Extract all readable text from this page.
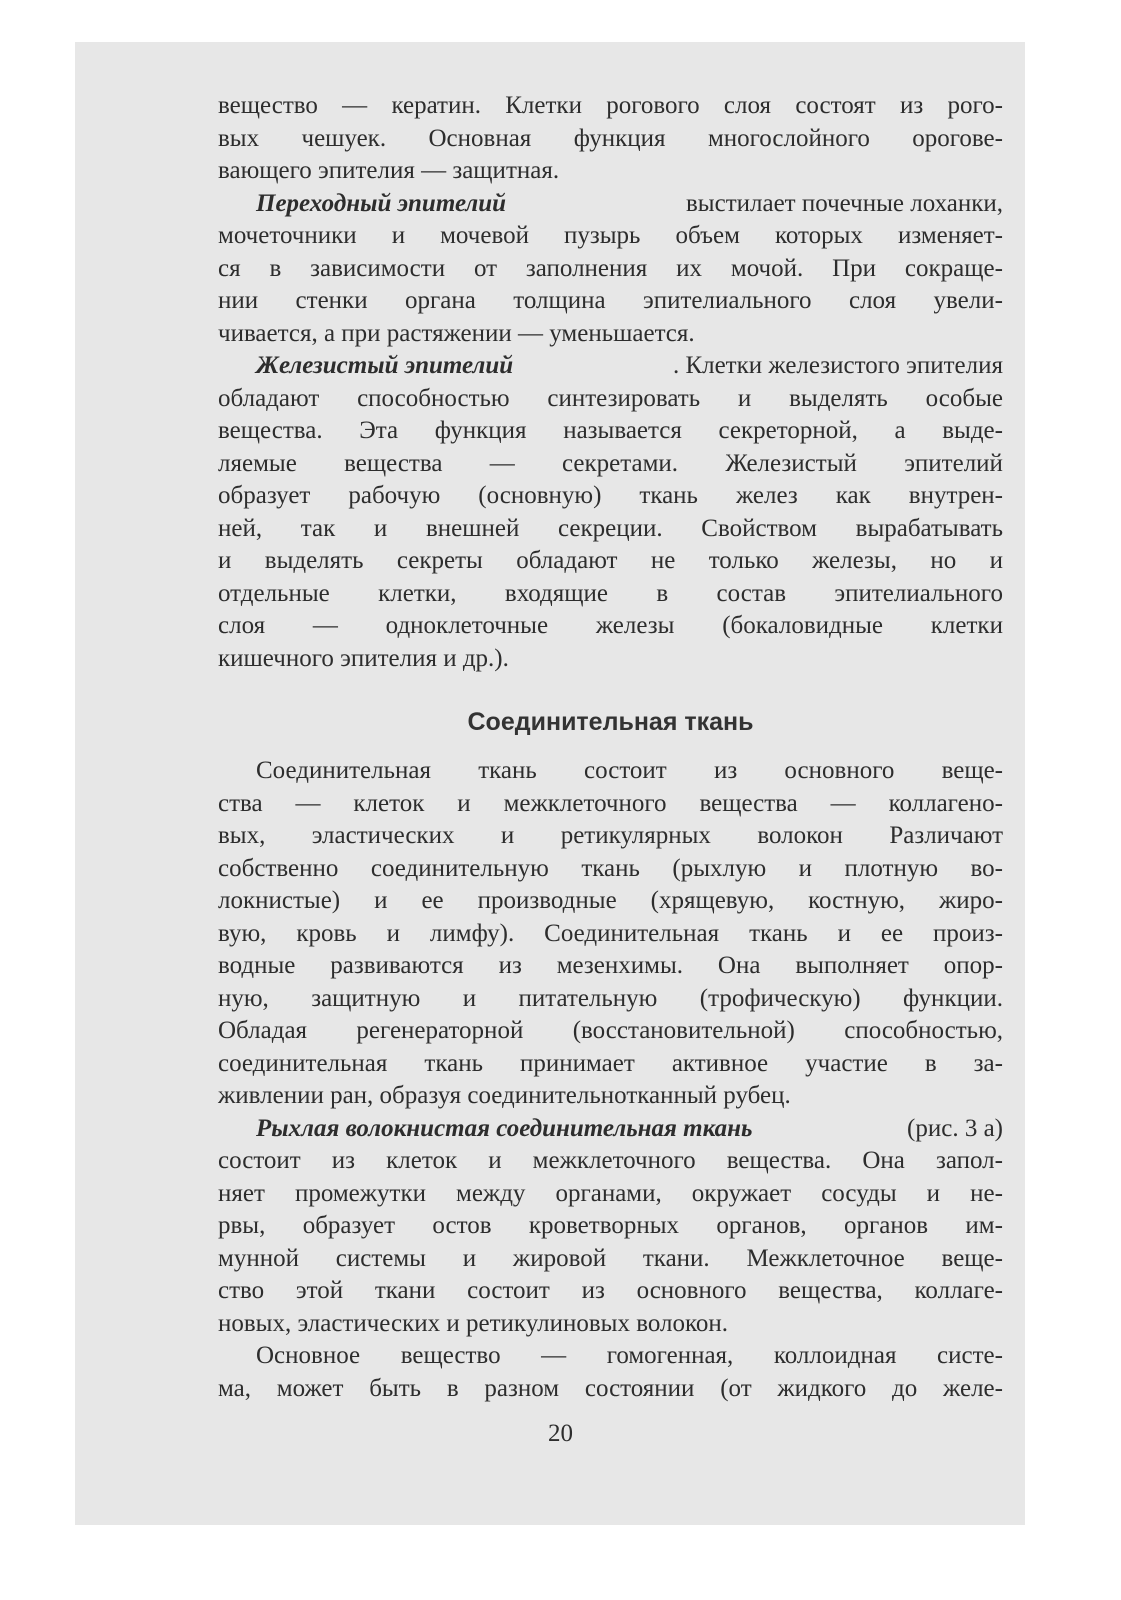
вещество — кератин. Клетки рогового слоя состоят из рого-
вых чешуек. Основная функция многослойного орогове-
вающего эпителия — защитная.
Переходный эпителий	выстилает почечные лоханки,
мочеточники и мочевой пузырь объем которых изменяет-
ся в зависимости от заполнения их мочой. При сокраще-
нии стенки органа толщина эпителиального слоя увели-
чивается, а при растяжении — уменьшается.
Железистый эпителий	. Клетки железистого эпителия
обладают способностью синтезировать и выделять особые
вещества. Эта функция называется секреторной, а выде-
ляемые вещества — секретами. Железистый эпителий
образует рабочую (основную) ткань желез как внутрен-
ней, так и внешней секреции. Свойством вырабатывать
и выделять секреты обладают не только железы, но и
отдельные клетки, входящие в состав эпителиального
слоя — одноклеточные железы (бокаловидные клетки
кишечного эпителия и др.).
Соединительная ткань
Соединительная ткань состоит из основного веще-
ства — клеток и межклеточного вещества — коллагено-
вых, эластических и ретикулярных волокон Различают
собственно соединительную ткань (рыхлую и плотную во-
локнистые) и ее производные (хрящевую, костную, жиро-
вую, кровь и лимфу). Соединительная ткань и ее произ-
водные развиваются из мезенхимы. Она выполняет опор-
ную, защитную и питательную (трофическую) функции.
Обладая регенераторной (восстановительной) способностью,
соединительная ткань принимает активное участие в за-
живлении ран, образуя соединительнотканный рубец.
Рыхлая волокнистая соединительная ткань	(рис. 3 а)
состоит из клеток и межклеточного вещества. Она запол-
няет промежутки между органами, окружает сосуды и не-
рвы, образует остов кроветворных органов, органов им-
мунной системы и жировой ткани. Межклеточное веще-
ство этой ткани состоит из основного вещества, коллаге-
новых, эластических и ретикулиновых волокон.
Основное вещество — гомогенная, коллоидная систе-
ма, может быть в разном состоянии (от жидкого до желе-
20
